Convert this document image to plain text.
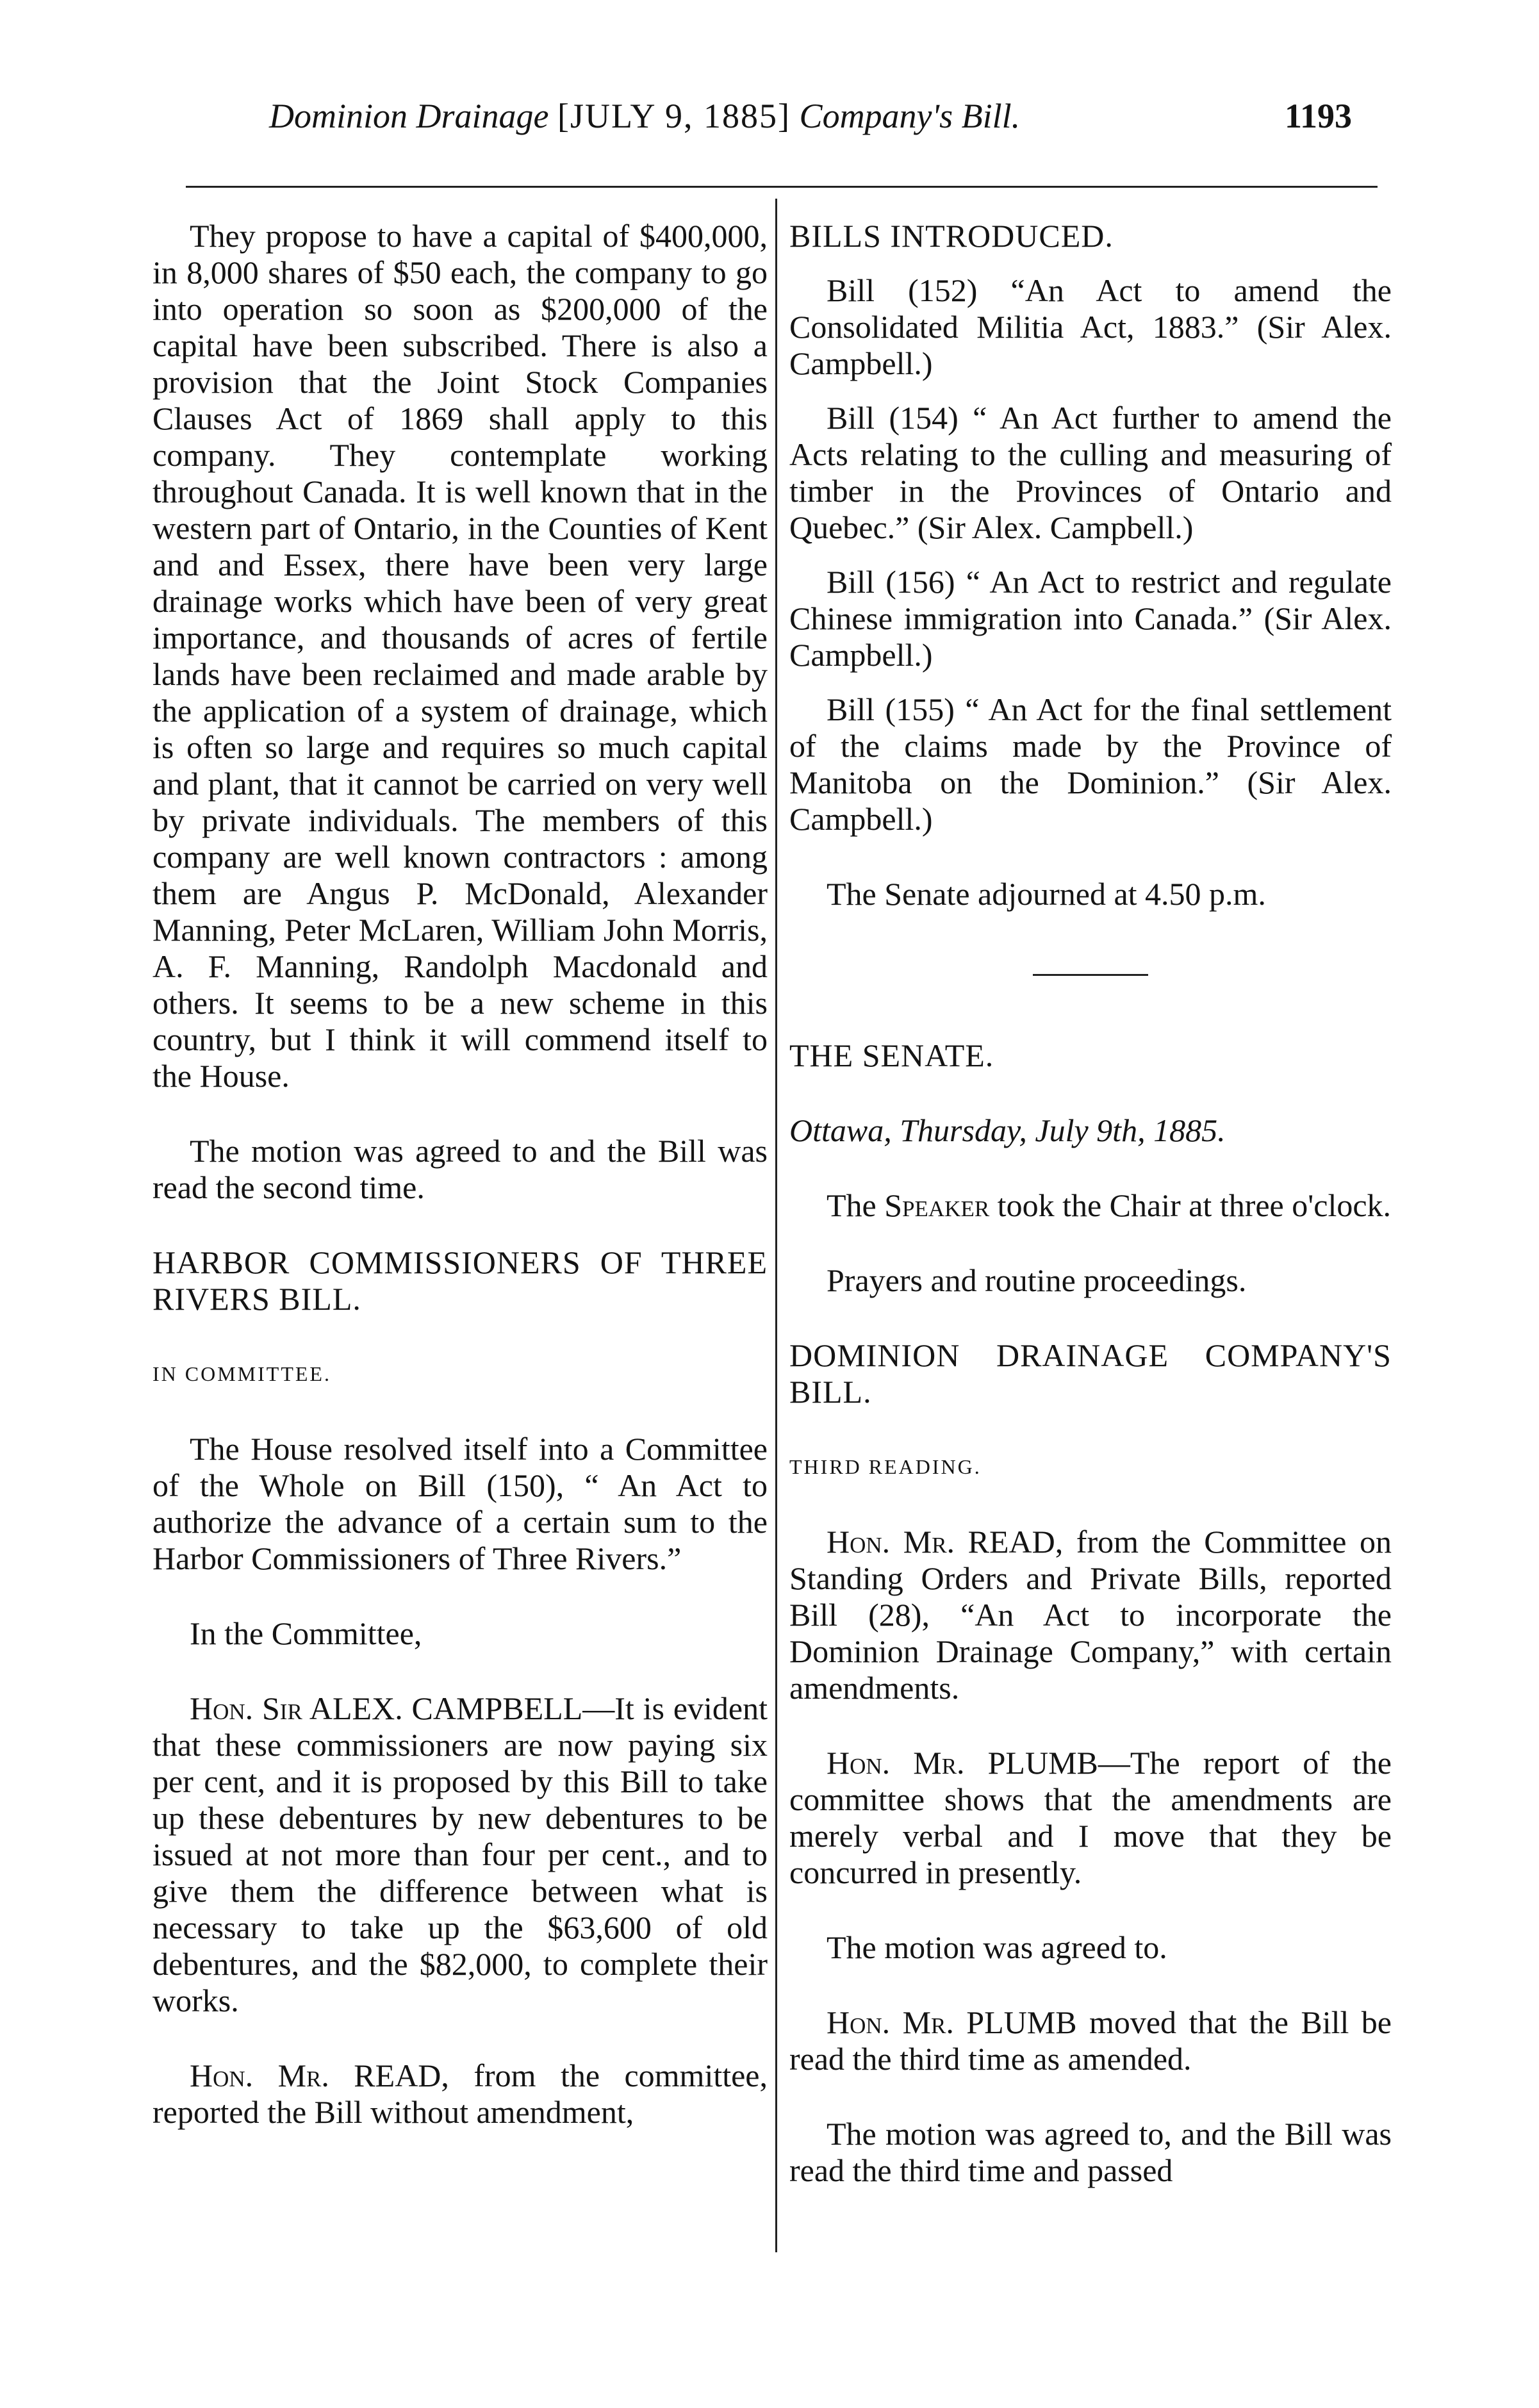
Dominion Drainage [JULY 9, 1885] Company's Bill.	1193

They propose to have a capital of $400,000, in 8,000 shares of $50 each, the company to go into operation so soon as $200,000 of the capital have been subscribed. There is also a provision that the Joint Stock Companies Clauses Act of 1869 shall apply to this company. They contemplate working throughout Canada. It is well known that in the western part of Ontario, in the Counties of Kent and and Essex, there have been very large drainage works which have been of very great importance, and thousands of acres of fertile lands have been reclaimed and made arable by the application of a system of drainage, which is often so large and requires so much capital and plant, that it cannot be carried on very well by private individuals. The members of this company are well known contractors : among them are Angus P. McDonald, Alexander Manning, Peter McLaren, William John Morris, A. F. Manning, Randolph Macdonald and others. It seems to be a new scheme in this country, but I think it will commend itself to the House.

The motion was agreed to and the Bill was read the second time.

HARBOR COMMISSIONERS OF THREE RIVERS BILL.

IN COMMITTEE.

The House resolved itself into a Committee of the Whole on Bill (150), “ An Act to authorize the advance of a certain sum to the Harbor Commissioners of Three Rivers.”

In the Committee,

Hon. Sir ALEX. CAMPBELL—It is evident that these commissioners are now paying six per cent, and it is proposed by this Bill to take up these debentures by new debentures to be issued at not more than four per cent., and to give them the difference between what is necessary to take up the $63,600 of old debentures, and the $82,000, to complete their works.

Hon. Mr. READ, from the committee, reported the Bill without amendment,

BILLS INTRODUCED.

Bill (152) “An Act to amend the Consolidated Militia Act, 1883.” (Sir Alex. Campbell.)

Bill (154) “ An Act further to amend the Acts relating to the culling and measuring of timber in the Provinces of Ontario and Quebec.” (Sir Alex. Campbell.)

Bill (156) “ An Act to restrict and regulate Chinese immigration into Canada.” (Sir Alex. Campbell.)

Bill (155) “ An Act for the final settlement of the claims made by the Province of Manitoba on the Dominion.” (Sir Alex. Campbell.)

The Senate adjourned at 4.50 p.m.

THE SENATE.

Ottawa, Thursday, July 9th, 1885.

The Speaker took the Chair at three o'clock.

Prayers and routine proceedings.

DOMINION DRAINAGE COMPANY'S BILL.

THIRD READING.

Hon. Mr. READ, from the Committee on Standing Orders and Private Bills, reported Bill (28), “An Act to incorporate the Dominion Drainage Company,” with certain amendments.

Hon. Mr. PLUMB—The report of the committee shows that the amendments are merely verbal and I move that they be concurred in presently.

The motion was agreed to.

Hon. Mr. PLUMB moved that the Bill be read the third time as amended.

The motion was agreed to, and the Bill was read the third time and passed
